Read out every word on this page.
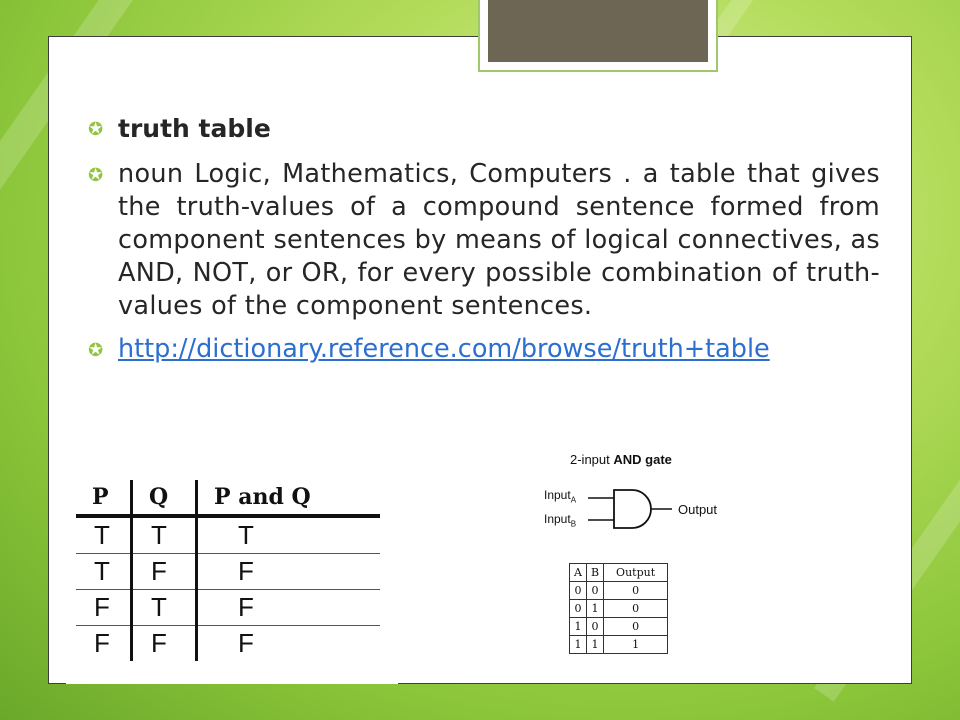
✪ truth table
✪ noun Logic, Mathematics, Computers . a table that gives the truth-values of a compound sentence formed from component sentences by means of logical connectives, as AND, NOT, or OR, for every possible combination of truth-values of the component sentences.
✪ http://dictionary.reference.com/browse/truth+table
P	Q	P and Q
T	T	T
T	F	F
F	T	F
F	F	F
2-input AND gate
Input$_A$
Input$_B$
Output
A	B	Output
0	0	0
0	1	0
1	0	0
1	1	1
